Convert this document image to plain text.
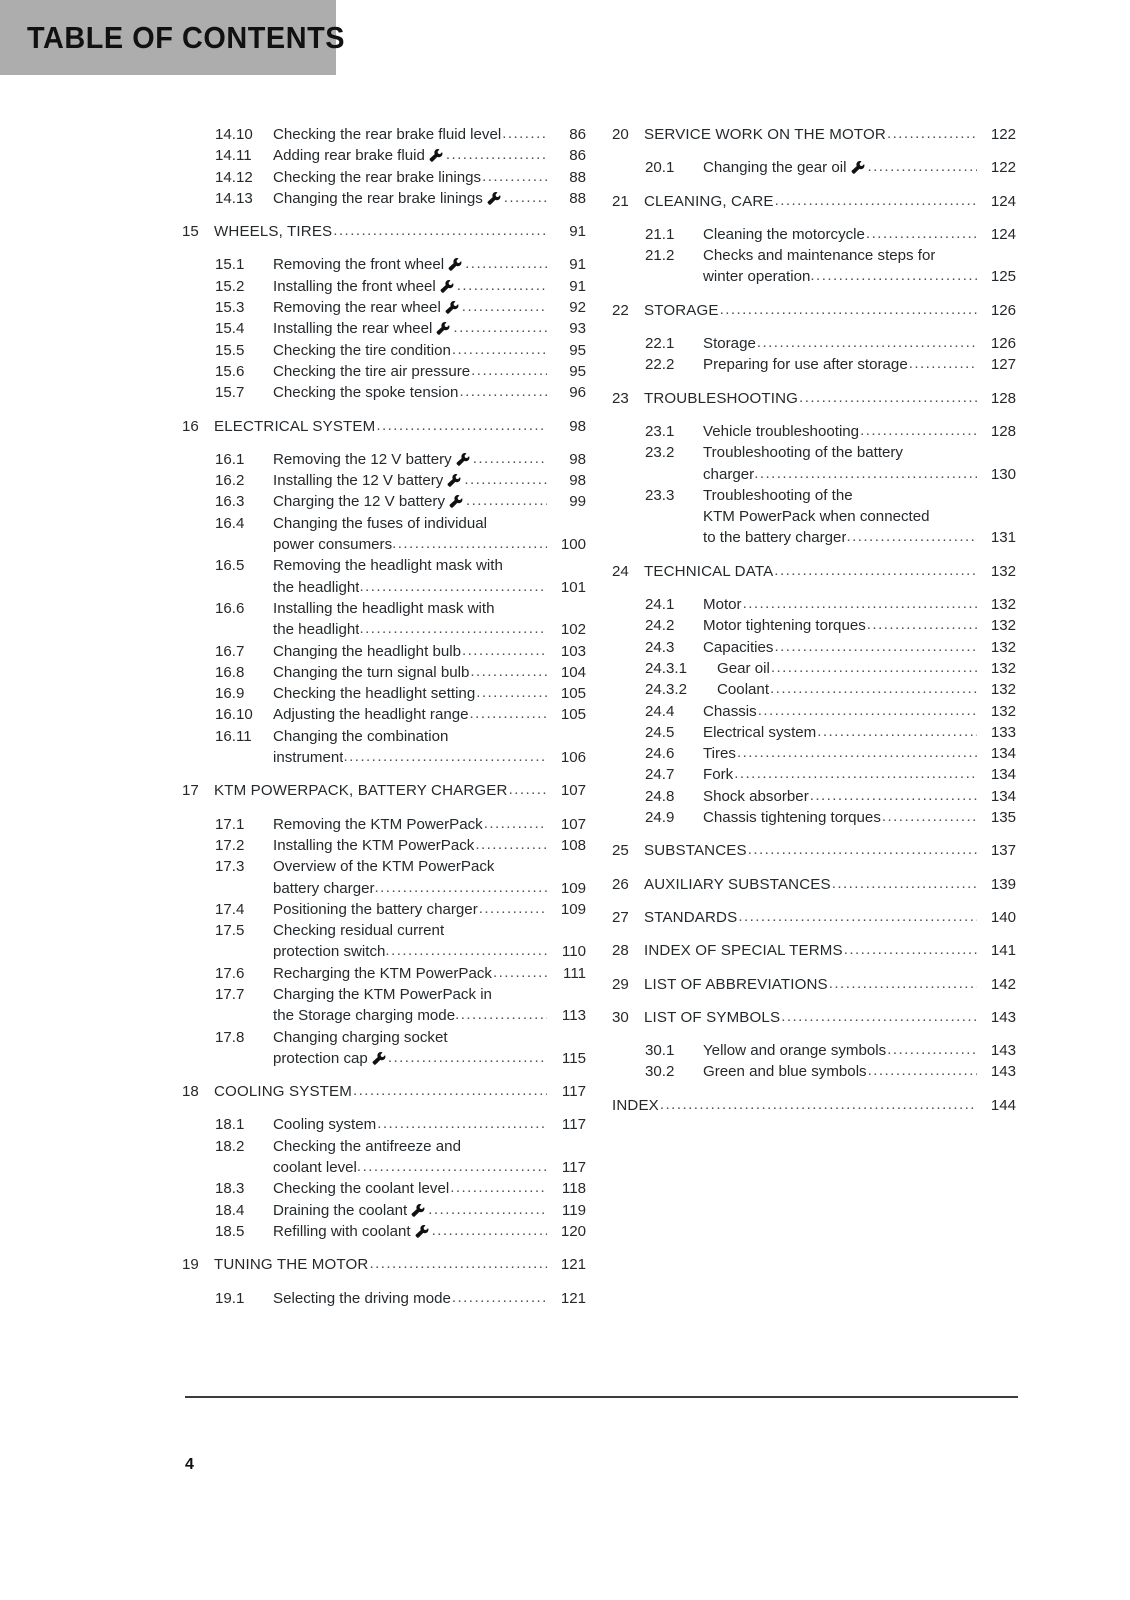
TABLE OF CONTENTS
14.10	Checking the rear brake fluid level .....	86
14.11	Adding rear brake fluid .....	86
14.12	Checking the rear brake linings .....	88
14.13	Changing the rear brake linings .....	88
15	WHEELS, TIRES .....	91
15.1	Removing the front wheel .....	91
15.2	Installing the front wheel .....	91
15.3	Removing the rear wheel .....	92
15.4	Installing the rear wheel .....	93
15.5	Checking the tire condition .....	95
15.6	Checking the tire air pressure .....	95
15.7	Checking the spoke tension .....	96
16	ELECTRICAL SYSTEM .....	98
16.1	Removing the 12 V battery .....	98
16.2	Installing the 12 V battery .....	98
16.3	Charging the 12 V battery .....	99
16.4	Changing the fuses of individual
power consumers .....	100
16.5	Removing the headlight mask with
the headlight .....	101
16.6	Installing the headlight mask with
the headlight .....	102
16.7	Changing the headlight bulb .....	103
16.8	Changing the turn signal bulb .....	104
16.9	Checking the headlight setting .....	105
16.10	Adjusting the headlight range .....	105
16.11	Changing the combination
instrument .....	106
17	KTM POWERPACK, BATTERY CHARGER .....	107
17.1	Removing the KTM PowerPack .....	107
17.2	Installing the KTM PowerPack .....	108
17.3	Overview of the KTM PowerPack
battery charger .....	109
17.4	Positioning the battery charger .....	109
17.5	Checking residual current
protection switch .....	110
17.6	Recharging the KTM PowerPack .....	111
17.7	Charging the KTM PowerPack in
the Storage charging mode .....	113
17.8	Changing charging socket
protection cap .....	115
18	COOLING SYSTEM .....	117
18.1	Cooling system .....	117
18.2	Checking the antifreeze and
coolant level .....	117
18.3	Checking the coolant level .....	118
18.4	Draining the coolant .....	119
18.5	Refilling with coolant .....	120
19	TUNING THE MOTOR .....	121
19.1	Selecting the driving mode .....	121
20	SERVICE WORK ON THE MOTOR .....	122
20.1	Changing the gear oil .....	122
21	CLEANING, CARE .....	124
21.1	Cleaning the motorcycle .....	124
21.2	Checks and maintenance steps for
winter operation .....	125
22	STORAGE .....	126
22.1	Storage .....	126
22.2	Preparing for use after storage .....	127
23	TROUBLESHOOTING .....	128
23.1	Vehicle troubleshooting .....	128
23.2	Troubleshooting of the battery
charger .....	130
23.3	Troubleshooting of the
KTM PowerPack when connected
to the battery charger .....	131
24	TECHNICAL DATA .....	132
24.1	Motor .....	132
24.2	Motor tightening torques .....	132
24.3	Capacities .....	132
24.3.1	Gear oil .....	132
24.3.2	Coolant .....	132
24.4	Chassis .....	132
24.5	Electrical system .....	133
24.6	Tires .....	134
24.7	Fork .....	134
24.8	Shock absorber .....	134
24.9	Chassis tightening torques .....	135
25	SUBSTANCES .....	137
26	AUXILIARY SUBSTANCES .....	139
27	STANDARDS .....	140
28	INDEX OF SPECIAL TERMS .....	141
29	LIST OF ABBREVIATIONS .....	142
30	LIST OF SYMBOLS .....	143
30.1	Yellow and orange symbols .....	143
30.2	Green and blue symbols .....	143
INDEX .....	144
4
